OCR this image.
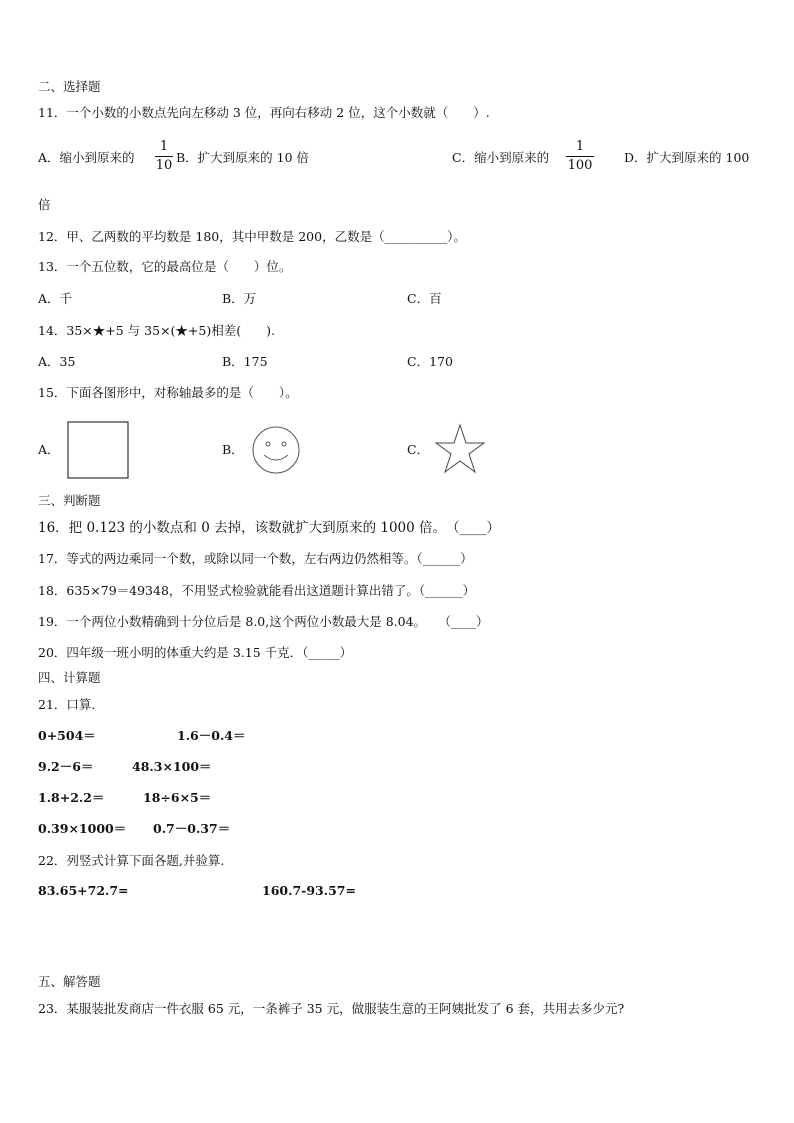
二、选择题
11．一个小数的小数点先向左移动 3 位，再向右移动 2 位，这个小数就（　　）.
A．缩小到原来的
1
10
B．扩大到原来的 10 倍	C．缩小到原来的
1
100
D．扩大到原来的 100
倍
12．甲、乙两数的平均数是 180，其中甲数是 200，乙数是（__________）。
13．一个五位数，它的最高位是（　　）位。
A．千	B．万	C．百
14．35×★+5 与 35×(★+5)相差(　　).
A．35	B．175	C．170
15．下面各图形中，对称轴最多的是（　　）。
A．	B．	C．
三、判断题
16．把 0.123 的小数点和 0 去掉，该数就扩大到原来的 1000 倍。　（____）
17．等式的两边乘同一个数，或除以同一个数，左右两边仍然相等。（______）
18．635×79＝49348，不用竖式检验就能看出这道题计算出错了。（______）
19．一个两位小数精确到十分位后是 8.0,这个两位小数最大是 8.04。　　（____）
20．四年级一班小明的体重大约是 3.15 千克．（_____）
四、计算题
21．口算.
0+504＝	1.6－0.4＝
9.2－6＝	48.3×100＝
1.8+2.2＝	18÷6×5＝
0.39×1000＝ 0.7－0.37＝
22．列竖式计算下面各题,并验算.
83.65+72.7=	160.7-93.57=
五、解答题
23．某服装批发商店一件衣服 65 元，一条裤子 35 元，做服装生意的王阿姨批发了 6 套，共用去多少元?
